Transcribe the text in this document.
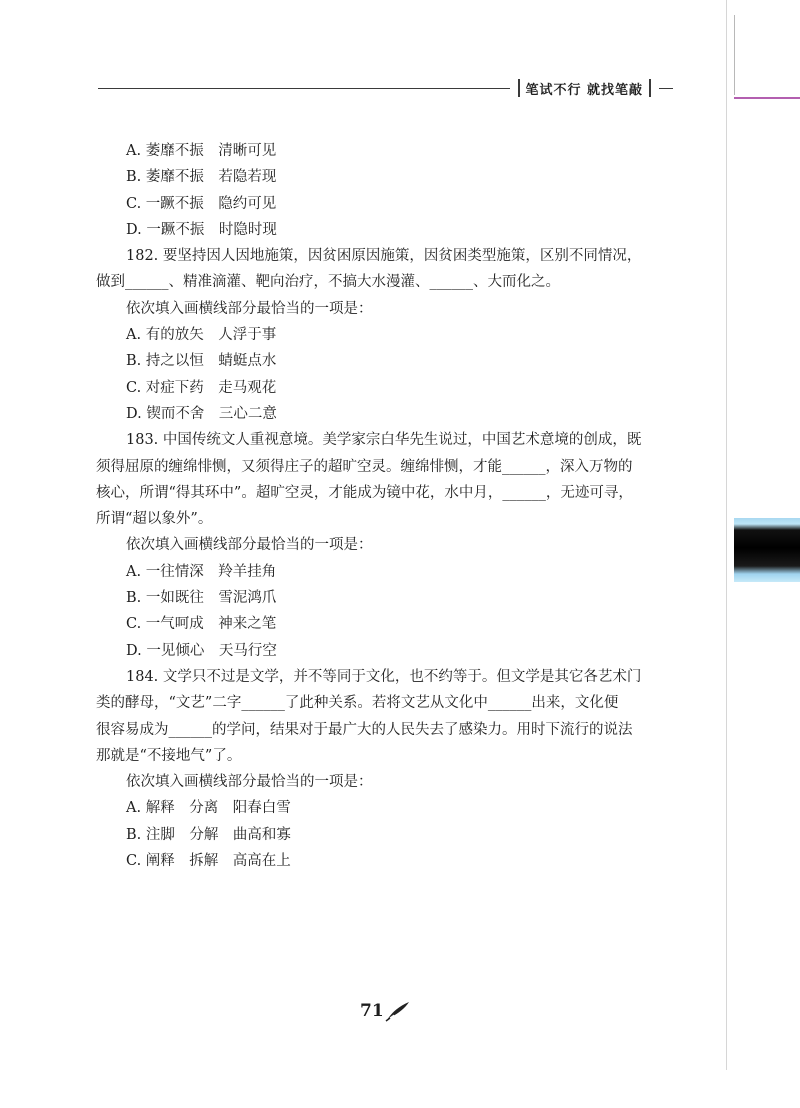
笔试不行 就找笔敲
A. 萎靡不振　清晰可见
B. 萎靡不振　若隐若现
C. 一蹶不振　隐约可见
D. 一蹶不振　时隐时现
182. 要坚持因人因地施策，因贫困原因施策，因贫困类型施策，区别不同情况，
做到______、精准滴灌、靶向治疗，不搞大水漫灌、______、大而化之。
依次填入画横线部分最恰当的一项是：
A. 有的放矢　人浮于事
B. 持之以恒　蜻蜓点水
C. 对症下药　走马观花
D. 锲而不舍　三心二意
183. 中国传统文人重视意境。美学家宗白华先生说过，中国艺术意境的创成，既
须得屈原的缠绵悱恻，又须得庄子的超旷空灵。缠绵悱恻，才能______，深入万物的
核心，所谓“得其环中”。超旷空灵，才能成为镜中花，水中月，______，无迹可寻，
所谓“超以象外”。
依次填入画横线部分最恰当的一项是：
A. 一往情深　羚羊挂角
B. 一如既往　雪泥鸿爪
C. 一气呵成　神来之笔
D. 一见倾心　天马行空
184. 文学只不过是文学，并不等同于文化，也不约等于。但文学是其它各艺术门
类的酵母，“文艺”二字______了此种关系。若将文艺从文化中______出来，文化便
很容易成为______的学问，结果对于最广大的人民失去了感染力。用时下流行的说法
那就是“不接地气”了。
依次填入画横线部分最恰当的一项是：
A. 解释　分离　阳春白雪
B. 注脚　分解　曲高和寡
C. 阐释　拆解　高高在上
71
